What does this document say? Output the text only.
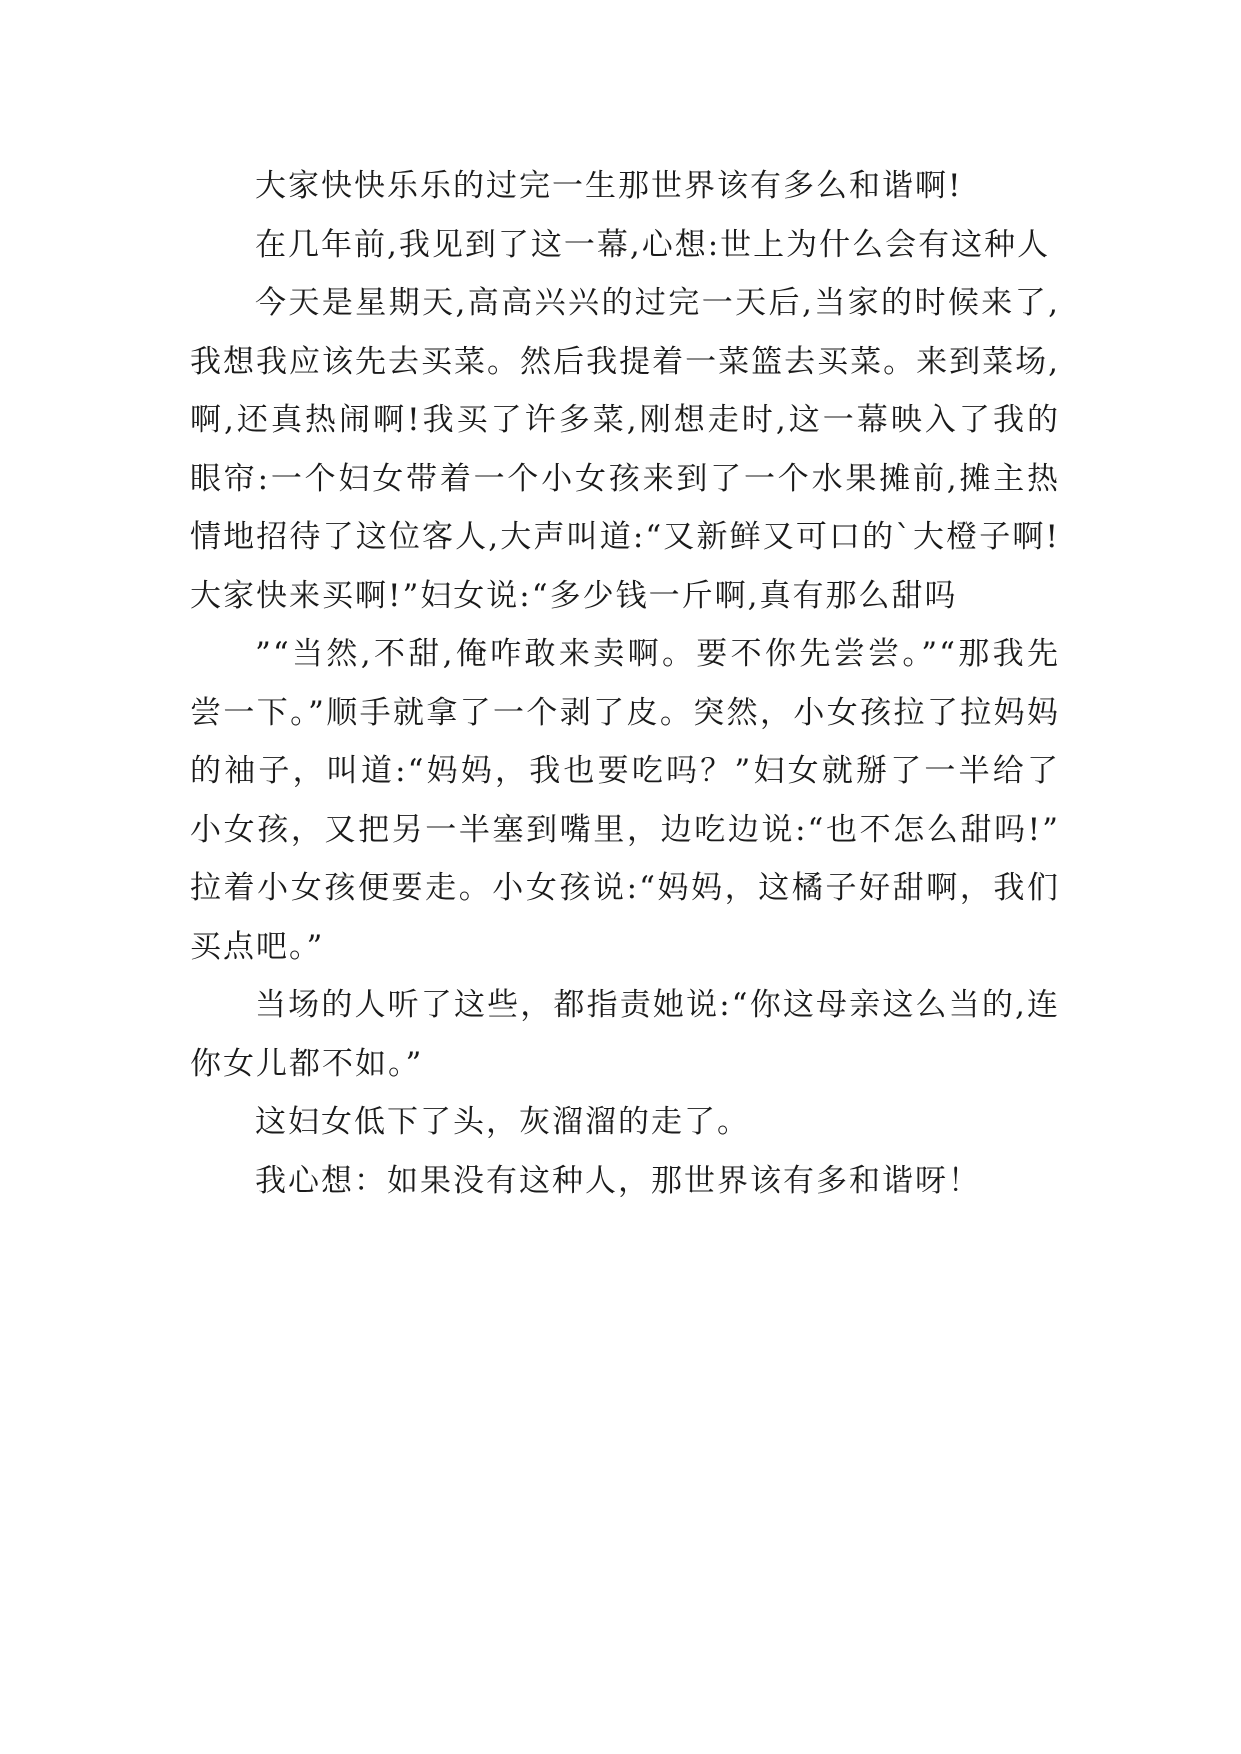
大家快快乐乐的过完一生那世界该有多么和谐啊!

在几年前,我见到了这一幕,心想:世上为什么会有这种人

今天是星期天,高高兴兴的过完一天后,当家的时候来了,我想我应该先去买菜。然后我提着一菜篮去买菜。来到菜场,啊,还真热闹啊!我买了许多菜,刚想走时,这一幕映入了我的眼帘:一个妇女带着一个小女孩来到了一个水果摊前,摊主热情地招待了这位客人,大声叫道:“又新鲜又可口的`大橙子啊!大家快来买啊!”妇女说:“多少钱一斤啊,真有那么甜吗

”“当然,不甜,俺咋敢来卖啊。要不你先尝尝。”“那我先尝一下。”顺手就拿了一个剥了皮。突然，小女孩拉了拉妈妈的袖子，叫道:“妈妈，我也要吃吗？”妇女就掰了一半给了小女孩，又把另一半塞到嘴里，边吃边说:“也不怎么甜吗!”拉着小女孩便要走。小女孩说:“妈妈，这橘子好甜啊，我们买点吧。”

当场的人听了这些，都指责她说:“你这母亲这么当的,连你女儿都不如。”

这妇女低下了头，灰溜溜的走了。

我心想：如果没有这种人，那世界该有多和谐呀！
